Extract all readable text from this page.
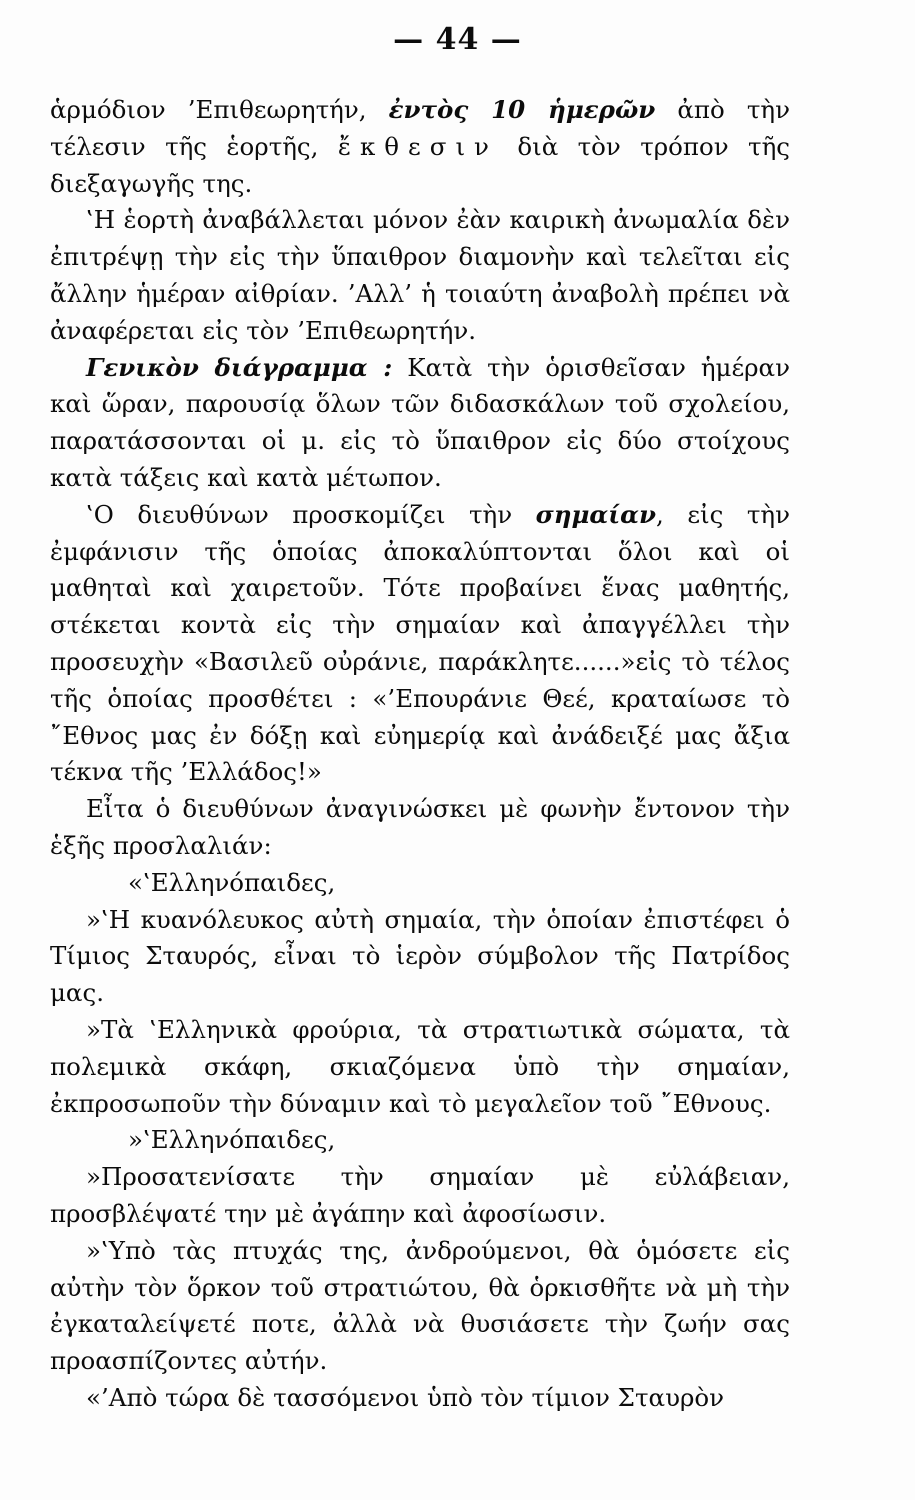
— 44 —

ἁρμόδιον ’Επιθεωρητήν, ἐντὸς 10 ἡμερῶν ἀπὸ τὴν τέλεσιν τῆς ἑορτῆς, ἔκθεσιν διὰ τὸν τρόπον τῆς διεξαγωγῆς της.

‛Η ἑορτὴ ἀναβάλλεται μόνον ἐὰν καιρικὴ ἀνωμαλία δὲν ἐπιτρέψῃ τὴν εἰς τὴν ὕπαιθρον διαμονὴν καὶ τελεῖται εἰς ἄλλην ἡμέραν αἰθρίαν. ’Αλλ’ ἡ τοιαύτη ἀναβολὴ πρέπει νὰ ἀναφέρεται εἰς τὸν ’Επιθεωρητήν.

Γενικὸν διάγραμμα : Κατὰ τὴν ὁρισθεῖσαν ἡμέραν καὶ ὥραν, παρουσίᾳ ὅλων τῶν διδασκάλων τοῦ σχολείου, παρατάσσονται οἱ μ. εἰς τὸ ὕπαιθρον εἰς δύο στοίχους κατὰ τάξεις καὶ κατὰ μέτωπον.

‛Ο διευθύνων προσκομίζει τὴν σημαίαν, εἰς τὴν ἐμφάνισιν τῆς ὁποίας ἀποκαλύπτονται ὅλοι καὶ οἱ μαθηταὶ καὶ χαιρετοῦν. Τότε προβαίνει ἕνας μαθητής, στέκεται κοντὰ εἰς τὴν σημαίαν καὶ ἀπαγγέλλει τὴν προσευχὴν «Βασιλεῦ οὐράνιε, παράκλητε......»εἰς τὸ τέλος τῆς ὁποίας προσθέτει : «’Επουράνιε Θεέ, κραταίωσε τὸ ῎Εθνος μας ἐν δόξῃ καὶ εὐημερίᾳ καὶ ἀνάδειξέ μας ἄξια τέκνα τῆς ’Ελλάδος!»

Εἶτα ὁ διευθύνων ἀναγινώσκει μὲ φωνὴν ἔντονον τὴν ἑξῆς προσλαλιάν:

«‛Ελληνόπαιδες,

»‛Η κυανόλευκος αὐτὴ σημαία, τὴν ὁποίαν ἐπιστέφει ὁ Τίμιος Σταυρός, εἶναι τὸ ἱερὸν σύμβολον τῆς Πατρίδος μας.

»Τὰ ‛Ελληνικὰ φρούρια, τὰ στρατιωτικὰ σώματα, τὰ πολεμικὰ σκάφη, σκιαζόμενα ὑπὸ τὴν σημαίαν, ἐκπροσωποῦν τὴν δύναμιν καὶ τὸ μεγαλεῖον τοῦ ῎Εθνους.

»‛Ελληνόπαιδες,

»Προσατενίσατε τὴν σημαίαν μὲ εὐλάβειαν, προσβλέψατέ την μὲ ἀγάπην καὶ ἀφοσίωσιν.

»‛Υπὸ τὰς πτυχάς της, ἀνδρούμενοι, θὰ ὁμόσετε εἰς αὐτὴν τὸν ὅρκον τοῦ στρατιώτου, θὰ ὁρκισθῆτε νὰ μὴ τὴν ἐγκαταλείψετέ ποτε, ἀλλὰ νὰ θυσιάσετε τὴν ζωήν σας προασπίζοντες αὐτήν.

«’Απὸ τώρα δὲ τασσόμενοι ὑπὸ τὸν τίμιον Σταυρὸν
